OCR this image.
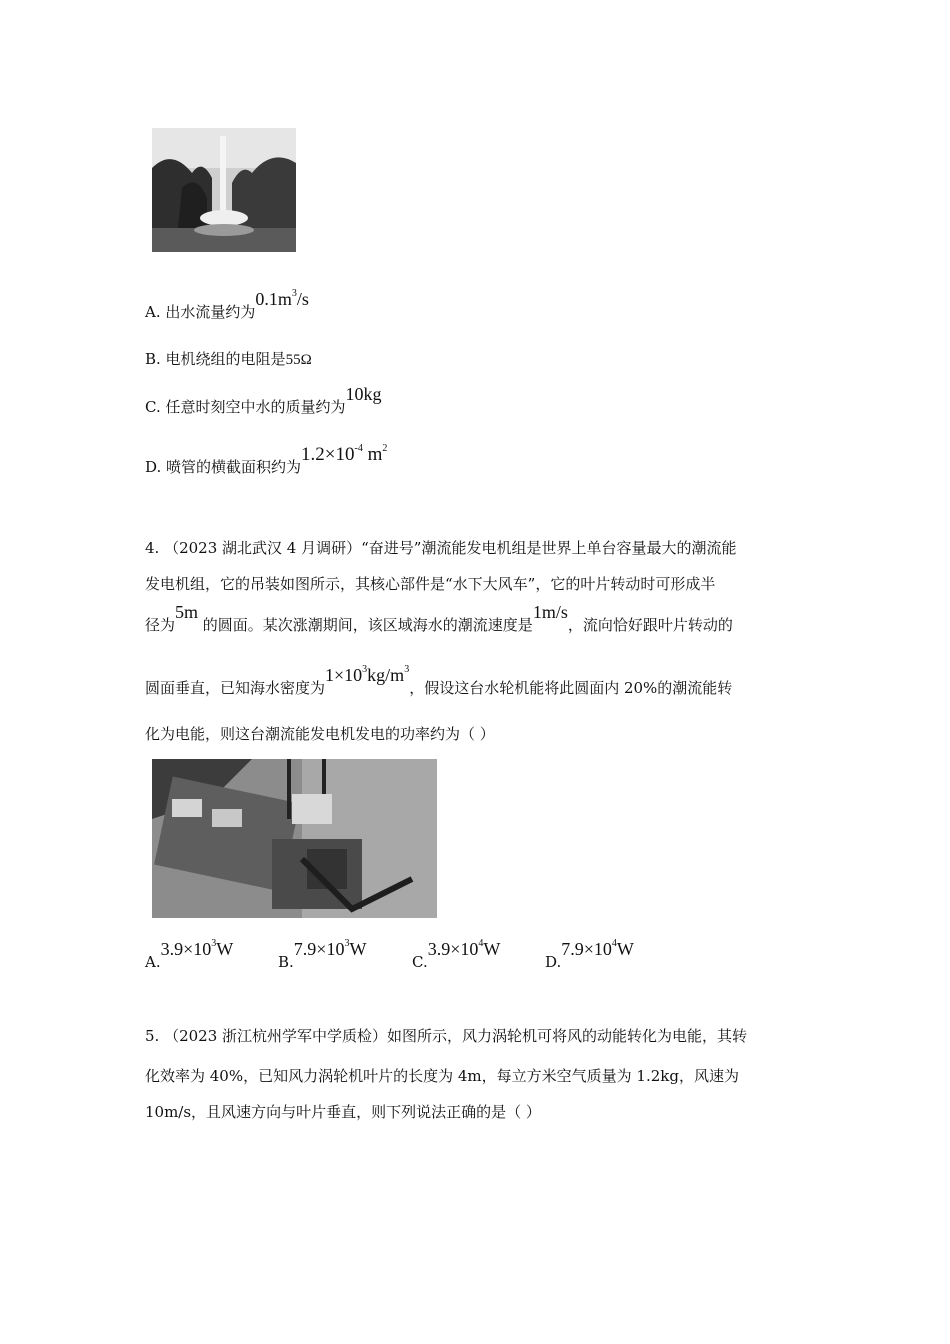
A. 出水流量约为$0.1m^3/s$
B. 电机绕组的电阻是55Ω
C. 任意时刻空中水的质量约为10kg
D. 喷管的横截面积约为$1.2\times 10^{-4}$ $m^2$
4. （2023 湖北武汉 4 月调研）“奋进号”潮流能发电机组是世界上单台容量最大的潮流能
发电机组，它的吊装如图所示，其核心部件是“水下大风车”，它的叶片转动时可形成半
径为5m 的圆面。某次涨潮期间，该区域海水的潮流速度是1m/s，流向恰好跟叶片转动的
圆面垂直，已知海水密度为$1\times 10^3kg/m^3$，假设这台水轮机能将此圆面内 20%的潮流能转
化为电能，则这台潮流能发电机发电的功率约为（ ）
$A.3.9\times 10^3W$
$B.7.9\times 10^3W$
$C.3.9\times 10^4W$
$D.7.9\times 10^4W$
5. （2023 浙江杭州学军中学质检）如图所示，风力涡轮机可将风的动能转化为电能，其转
化效率为 40%，已知风力涡轮机叶片的长度为 4m，每立方米空气质量为 1.2kg，风速为
10m/s，且风速方向与叶片垂直，则下列说法正确的是（ ）
